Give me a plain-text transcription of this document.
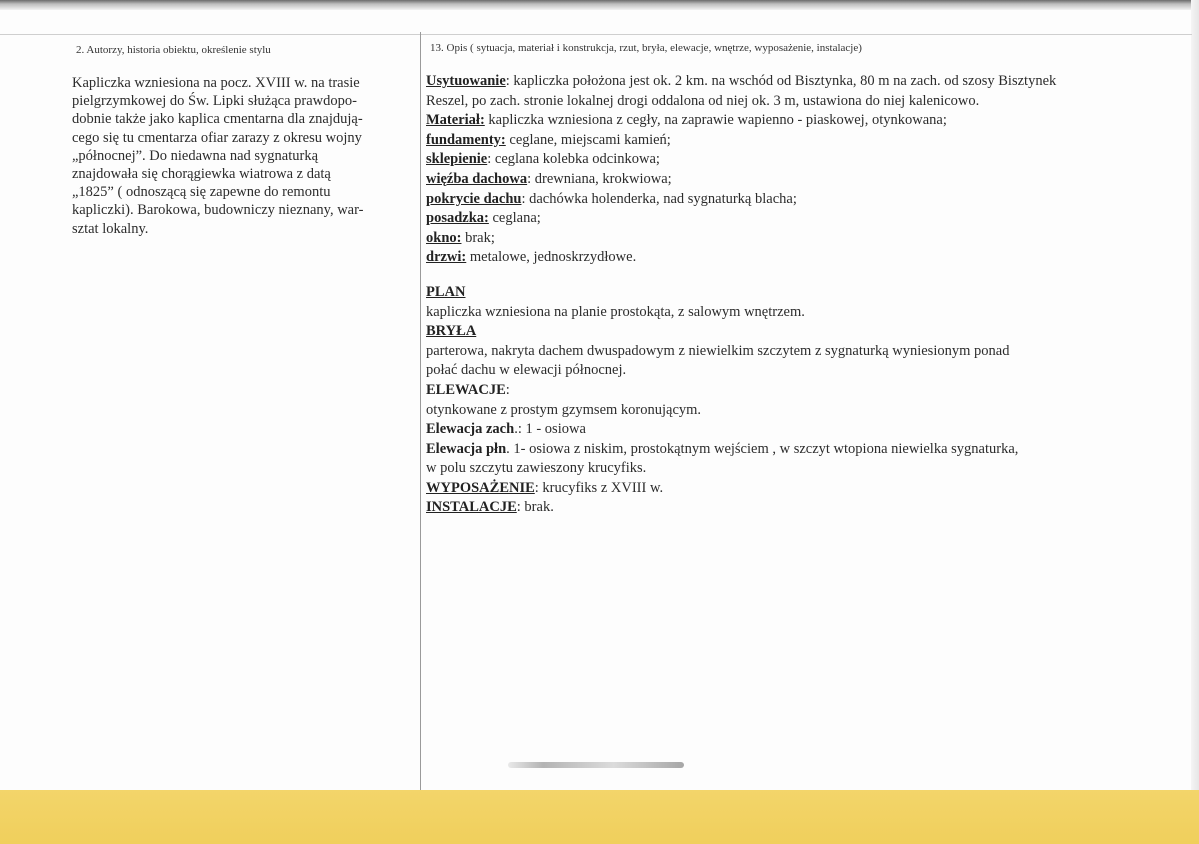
2. Autorzy, historia obiektu, określenie stylu	13. Opis ( sytuacja, materiał i konstrukcja, rzut, bryła, elewacje, wnętrze, wyposażenie, instalacje)
Kapliczka wzniesiona na pocz. XVIII w. na trasie
pielgrzymkowej do Św. Lipki służąca prawdopo-
dobnie także jako kaplica cmentarna dla znajdują-
cego się tu cmentarza ofiar zarazy z okresu wojny
„północnej”. Do niedawna nad sygnaturką
znajdowała się chorągiewka wiatrowa z datą
„1825” ( odnoszącą się zapewne do remontu
kapliczki). Barokowa, budowniczy nieznany, war-
sztat lokalny.
Usytuowanie: kapliczka położona jest ok. 2 km. na wschód od Bisztynka, 80 m na zach. od szosy Bisztynek
Reszel, po zach. stronie lokalnej drogi oddalona od niej ok. 3 m, ustawiona do niej kalenicowo.
Materiał: kapliczka wzniesiona z cegły, na zaprawie wapienno - piaskowej, otynkowana;
fundamenty: ceglane, miejscami kamień;
sklepienie: ceglana kolebka odcinkowa;
więźba dachowa: drewniana, krokwiowa;
pokrycie dachu: dachówka holenderka, nad sygnaturką blacha;
posadzka: ceglana;
okno: brak;
drzwi: metalowe, jednoskrzydłowe.
PLAN
kapliczka wzniesiona na planie prostokąta, z salowym wnętrzem.
BRYŁA
parterowa, nakryta dachem dwuspadowym z niewielkim szczytem z sygnaturką wyniesionym ponad
połać dachu w elewacji północnej.
ELEWACJE:
otynkowane z prostym gzymsem koronującym.
Elewacja zach.: 1 - osiowa
Elewacja płn. 1- osiowa z niskim, prostokątnym wejściem , w szczyt wtopiona niewielka sygnaturka,
w polu szczytu zawieszony krucyfiks.
WYPOSAŻENIE: krucyfiks z XVIII w.
INSTALACJE: brak.
